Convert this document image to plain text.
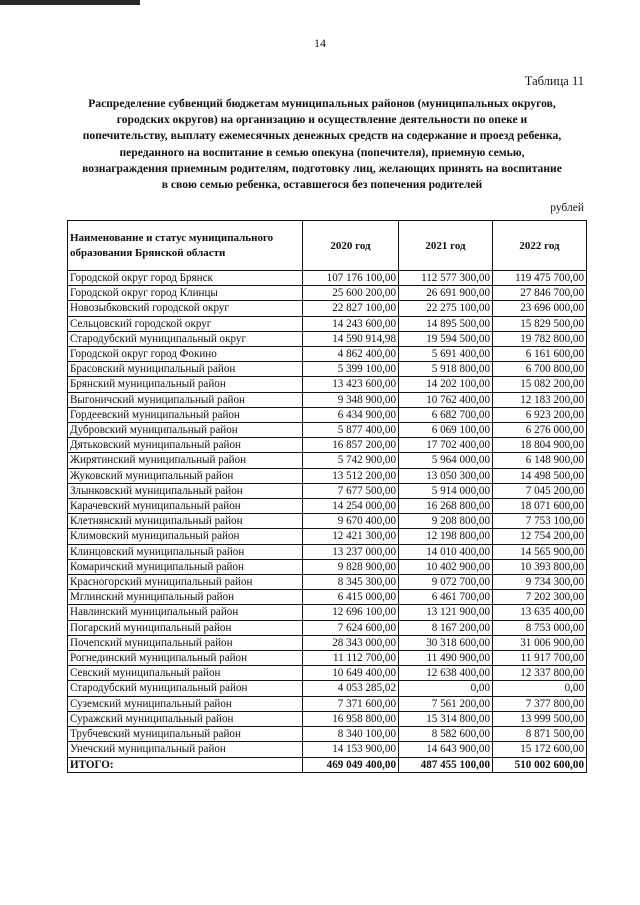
14
Таблица 11
Распределение субвенций бюджетам муниципальных районов (муниципальных округов, городских округов) на организацию и осуществление деятельности по опеке и попечительству, выплату ежемесячных денежных средств на содержание и проезд ребенка, переданного на воспитание в семью опекуна (попечителя), приемную семью, вознаграждения приемным родителям, подготовку лиц, желающих принять на воспитание в свою семью ребенка, оставшегося без попечения родителей
рублей
Наименование и статус муниципального образования Брянской области	2020 год	2021 год	2022 год
Городской округ город Брянск	107 176 100,00	112 577 300,00	119 475 700,00
Городской округ город Клинцы	25 600 200,00	26 691 900,00	27 846 700,00
Новозыбковский городской округ	22 827 100,00	22 275 100,00	23 696 000,00
Сельцовский городской округ	14 243 600,00	14 895 500,00	15 829 500,00
Стародубский муниципальный округ	14 590 914,98	19 594 500,00	19 782 800,00
Городской округ город Фокино	4 862 400,00	5 691 400,00	6 161 600,00
Брасовский муниципальный район	5 399 100,00	5 918 800,00	6 700 800,00
Брянский муниципальный район	13 423 600,00	14 202 100,00	15 082 200,00
Выгоничский муниципальный район	9 348 900,00	10 762 400,00	12 183 200,00
Гордеевский муниципальный район	6 434 900,00	6 682 700,00	6 923 200,00
Дубровский муниципальный район	5 877 400,00	6 069 100,00	6 276 000,00
Дятьковский муниципальный район	16 857 200,00	17 702 400,00	18 804 900,00
Жирятинский муниципальный район	5 742 900,00	5 964 000,00	6 148 900,00
Жуковский муниципальный район	13 512 200,00	13 050 300,00	14 498 500,00
Злынковский муниципальный район	7 677 500,00	5 914 000,00	7 045 200,00
Карачевский муниципальный район	14 254 000,00	16 268 800,00	18 071 600,00
Клетнянский муниципальный район	9 670 400,00	9 208 800,00	7 753 100,00
Климовский муниципальный район	12 421 300,00	12 198 800,00	12 754 200,00
Клинцовский муниципальный район	13 237 000,00	14 010 400,00	14 565 900,00
Комаричский муниципальный район	9 828 900,00	10 402 900,00	10 393 800,00
Красногорский муниципальный район	8 345 300,00	9 072 700,00	9 734 300,00
Мглинский муниципальный район	6 415 000,00	6 461 700,00	7 202 300,00
Навлинский муниципальный район	12 696 100,00	13 121 900,00	13 635 400,00
Погарский муниципальный район	7 624 600,00	8 167 200,00	8 753 000,00
Почепский муниципальный район	28 343 000,00	30 318 600,00	31 006 900,00
Рогнединский муниципальный район	11 112 700,00	11 490 900,00	11 917 700,00
Севский муниципальный район	10 649 400,00	12 638 400,00	12 337 800,00
Стародубский муниципальный район	4 053 285,02	0,00	0,00
Суземский муниципальный район	7 371 600,00	7 561 200,00	7 377 800,00
Суражский муниципальный район	16 958 800,00	15 314 800,00	13 999 500,00
Трубчевский муниципальный район	8 340 100,00	8 582 600,00	8 871 500,00
Унечский муниципальный район	14 153 900,00	14 643 900,00	15 172 600,00
ИТОГО:	469 049 400,00	487 455 100,00	510 002 600,00
